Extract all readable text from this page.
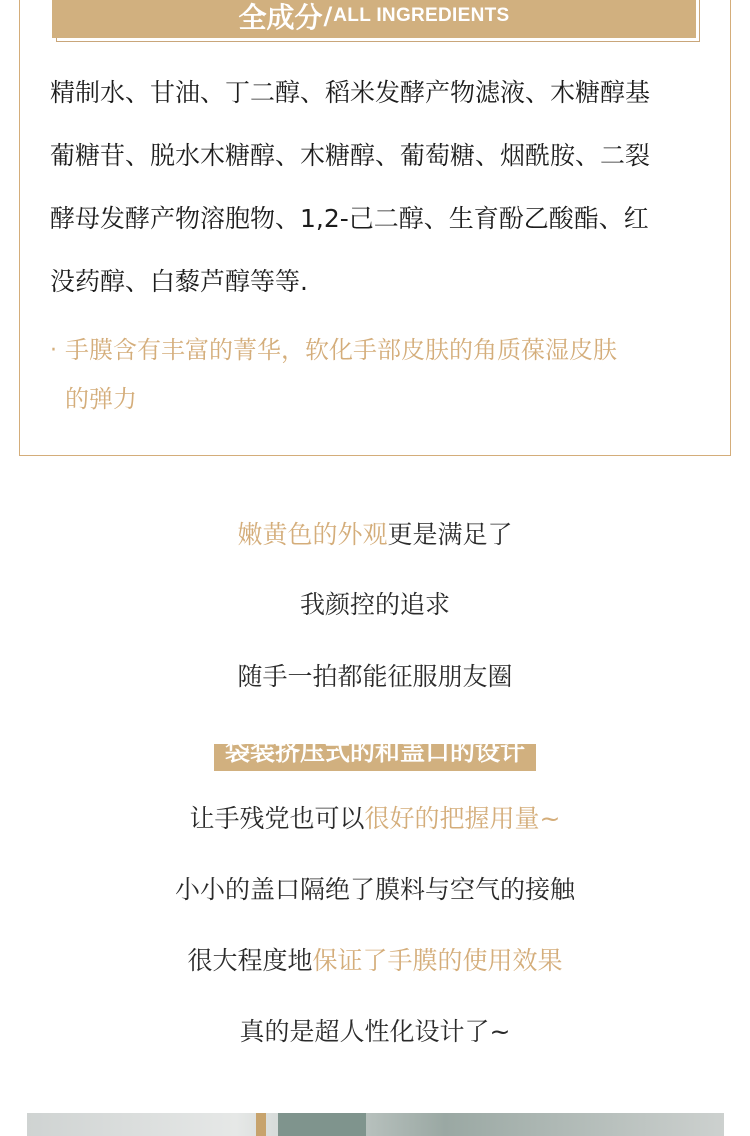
全成分 / ALL INGREDIENTS
精制水、甘油、丁二醇、稻米发酵产物滤液、木糖醇基
葡糖苷、脱水木糖醇、木糖醇、葡萄糖、烟酰胺、二裂
酵母发酵产物溶胞物、1,2-己二醇、生育酚乙酸酯、红
没药醇、白藜芦醇等等.
· 手膜含有丰富的菁华，软化手部皮肤的角质葆湿皮肤
的弹力
嫩黄色的外观更是满足了
我颜控的追求
随手一拍都能征服朋友圈
袋装挤压式的和盖口的设计
让手残党也可以很好的把握用量~
小小的盖口隔绝了膜料与空气的接触
很大程度地保证了手膜的使用效果
真的是超人性化设计了~
